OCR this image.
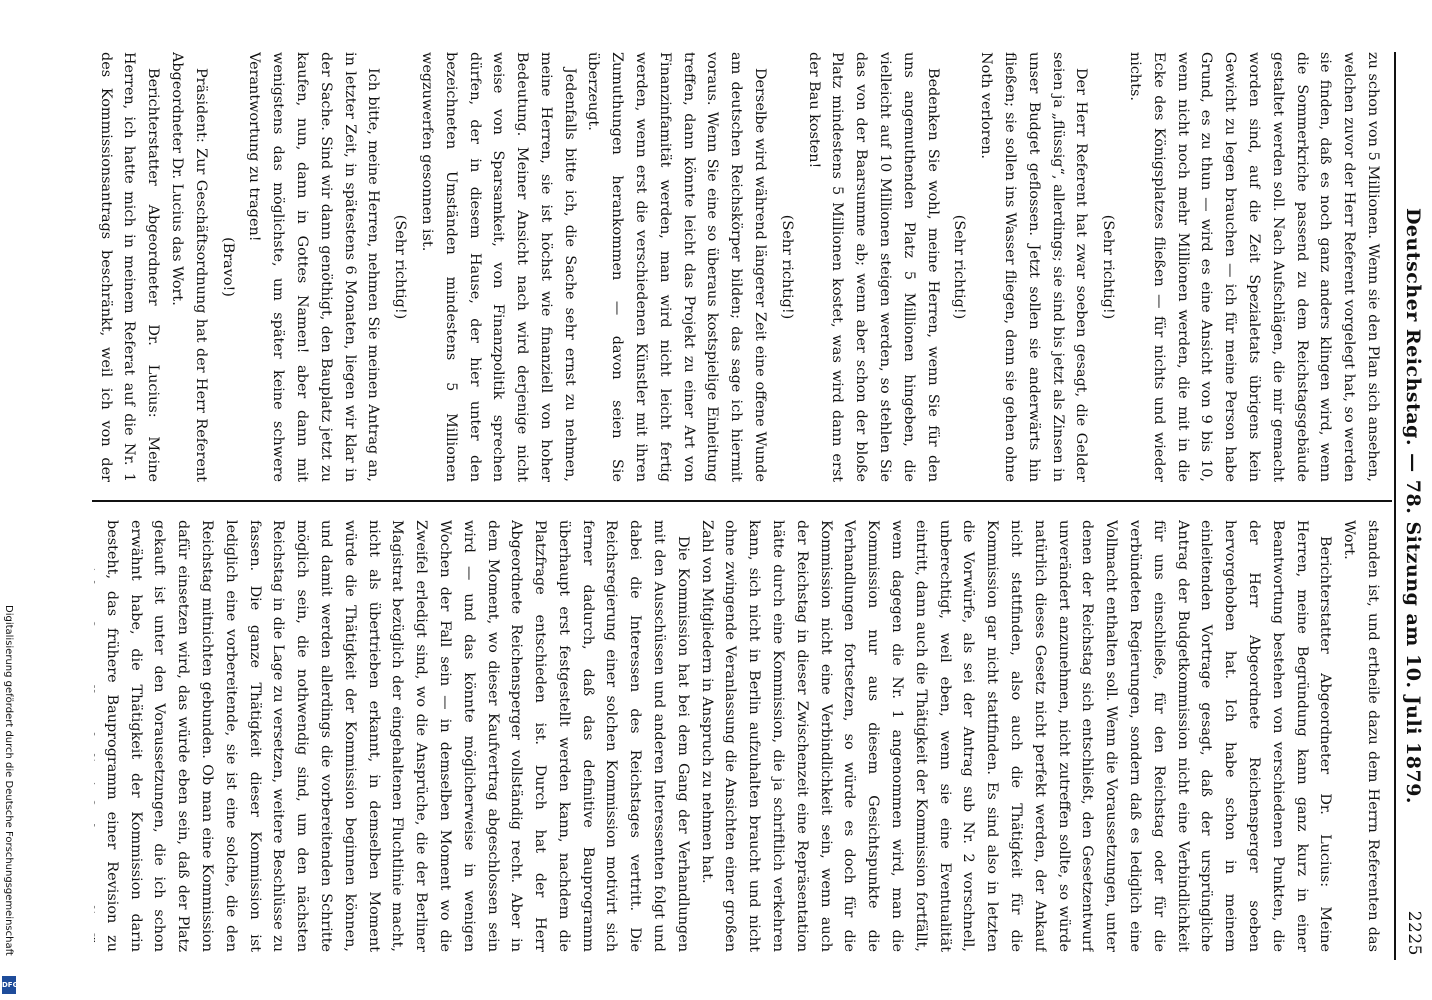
Deutscher Reichstag. — 78. Sitzung am 10. Juli 1879.
2225

zu schon von 5 Millionen. Wenn sie den Plan sich ansehen, welchen zuvor der Herr Referent vorgelegt hat, so werden sie finden, daß es noch ganz anders klingen wird, wenn die Sommerkriche passend zu dem Reichstagsgebäude gestaltet werden soll. Nach Aufschlägen, die mir gemacht worden sind, auf die Zeit Spezialetats übrigens kein Gewicht zu legen brauchen — ich für meine Person habe Grund, es zu thun — wird es eine Ansicht von 9 bis 10, wenn nicht noch mehr Millionen werden, die mit in die Ecke des Königsplatzes fließen — für nichts und wieder nichts.

(Sehr richtig!)

Der Herr Referent hat zwar soeben gesagt, die Gelder seien ja „flüssig“, allerdings; sie sind bis jetzt als Zinsen in unser Budget geflossen. Jetzt sollen sie anderwärts hin fließen; sie sollen ins Wasser fliegen, denn sie gehen ohne Noth verloren.

(Sehr richtig!)

Bedenken Sie wohl, meine Herren, wenn Sie für den uns angemuthenden Platz 5 Millionen hingeben, die vielleicht auf 10 Millionen steigen werden, so stehlen Sie das von der Baarsumme ab; wenn aber schon der bloße Platz mindestens 5 Millionen kostet, was wird dann erst der Bau kosten!

(Sehr richtig!)

Derselbe wird während längerer Zeit eine offene Wunde am deutschen Reichskörper bilden; das sage ich hiermit voraus. Wenn Sie eine so überaus kostspielige Einleitung treffen, dann könnte leicht das Projekt zu einer Art von Finanzinfamität werden, man wird nicht leicht fertig werden, wenn erst die verschiedenen Künstler mit ihren Zumuthungen herankommen — davon seien Sie überzeugt.

Jedenfalls bitte ich, die Sache sehr ernst zu nehmen, meine Herren, sie ist höchst wie finanziell von hoher Bedeutung. Meiner Ansicht nach wird derjenige nicht weise von Sparsamkeit, von Finanzpolitik sprechen dürfen, der in diesem Hause, der hier unter den bezeichneten Umständen mindestens 5 Millionen wegzuwerfen gesonnen ist.

(Sehr richtig!)

Ich bitte, meine Herren, nehmen Sie meinen Antrag an, in letzter Zeit, in spätestens 6 Monaten, liegen wir klar in der Sache. Sind wir dann genöthigt, den Bauplatz jetzt zu kaufen, nun, dann in Gottes Namen! aber dann mit wenigstens das möglichste, um später keine schwere Verantwortung zu tragen!

(Bravo!)

Präsident: Zur Geschäftsordnung hat der Herr Referent Abgeordneter Dr. Lucius das Wort.

Berichterstatter Abgeordneter Dr. Lucius: Meine Herren, ich hatte mich in meinem Referat auf die Nr. 1 des Kommissionsantrags beschränkt, weil ich von der

standen ist, und ertheile dazu dem Herrn Referenten das Wort.

Berichterstatter Abgeordneter Dr. Lucius: Meine Herren, meine Begründung kann ganz kurz in einer Beantwortung bestehen von verschiedenen Punkten, die der Herr Abgeordnete Reichensperger soeben hervorgehoben hat. Ich habe schon in meinem einleitenden Vortrage gesagt, daß der ursprüngliche Antrag der Budgetkommission nicht eine Verbindlichkeit für uns einschließe, für den Reichstag oder für die verbündeten Regierungen, sondern daß es lediglich eine Vollmacht enthalten soll. Wenn die Voraussetzungen, unter denen der Reichstag sich entschließt, den Gesetzentwurf unverändert anzunehmen, nicht zutreffen sollte, so würde natürlich dieses Gesetz nicht perfekt werden, der Ankauf nicht stattfinden, also auch die Thätigkeit für die Kommission gar nicht stattfinden. Es sind also in letzten die Vorwürfe, als sei der Antrag sub Nr. 2 vorschnell, unberechtigt, weil eben, wenn sie eine Eventualität eintritt, dann auch die Thätigkeit der Kommission fortfällt, wenn dagegen die Nr. 1 angenommen wird, man die Kommission nur aus diesem Gesichtspunkte die Verhandlungen fortsetzen, so würde es doch für die Kommission nicht eine Verbindlichkeit sein, wenn auch der Reichstag in dieser Zwischenzeit eine Repräsentation hätte durch eine Kommission, die ja schriftlich verkehren kann, sich nicht in Berlin aufzuhalten braucht und nicht ohne zwingende Veranlassung die Ansichten einer großen Zahl von Mitgliedern in Anspruch zu nehmen hat.

Die Kommission hat bei dem Gang der Verhandlungen mit den Ausschüssen und anderen Interessenten folgt und dabei die Interessen des Reichstages vertritt. Die Reichsregierung einer solchen Kommission motivirt sich ferner dadurch, daß das definitive Bauprogramm überhaupt erst festgestellt werden kann, nachdem die Platzfrage entschieden ist. Durch hat der Herr Abgeordnete Reichensperger vollständig recht. Aber in dem Moment, wo dieser Kaufvertrag abgeschlossen sein wird — und das könnte möglicherweise in wenigen Wochen der Fall sein — in demselben Moment wo die Zweifel erledigt sind, wo die Ansprüche, die der Berliner Magistrat bezüglich der eingehaltenen Fluchtlinie macht, nicht als übertrieben erkannt, in demselben Moment würde die Thätigkeit der Kommission beginnen können, und damit werden allerdings die vorbereitenden Schritte möglich sein, die nothwendig sind, um den nächsten Reichstag in die Lage zu versetzen, weitere Beschlüsse zu fassen. Die ganze Thätigkeit dieser Kommission ist lediglich eine vorbereitende, sie ist eine solche, die den Reichstag mitnichten gebunden. Ob man eine Kommission dafür einsetzen wird, das würde eben sein, daß der Platz gekauft ist unter den Voraussetzungen, die ich schon erwähnt habe, die Thätigkeit der Kommission darin besteht, das frühere Bauprogramm einer Revision zu

Digitalisierung gefördert durch die Deutsche Forschungsgemeinschaft
DFG
